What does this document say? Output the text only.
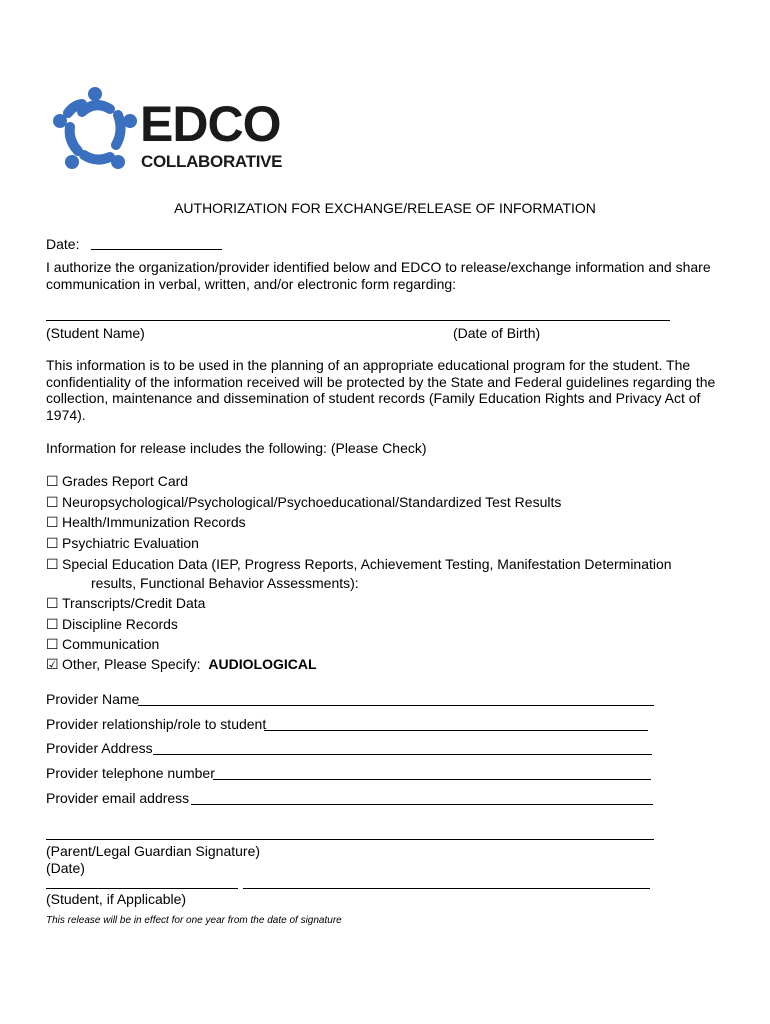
EDCO
COLLABORATIVE
AUTHORIZATION FOR EXCHANGE/RELEASE OF INFORMATION
Date:
I authorize the organization/provider identified below and EDCO to release/exchange information and share communication in verbal, written, and/or electronic form regarding:
(Student Name)	(Date of Birth)
This information is to be used in the planning of an appropriate educational program for the student. The confidentiality of the information received will be protected by the State and Federal guidelines regarding the collection, maintenance and dissemination of student records (Family Education Rights and Privacy Act of 1974).
Information for release includes the following: (Please Check)
☐ Grades Report Card
☐ Neuropsychological/Psychological/Psychoeducational/Standardized Test Results
☐ Health/Immunization Records
☐ Psychiatric Evaluation
☐ Special Education Data (IEP, Progress Reports, Achievement Testing, Manifestation Determination
results, Functional Behavior Assessments):
☐ Transcripts/Credit Data
☐ Discipline Records
☐ Communication
☑ Other, Please Specify: AUDIOLOGICAL
Provider Name
Provider relationship/role to student
Provider Address
Provider telephone number
Provider email address
(Parent/Legal Guardian Signature)
(Date)
(Student, if Applicable)
This release will be in effect for one year from the date of signature
